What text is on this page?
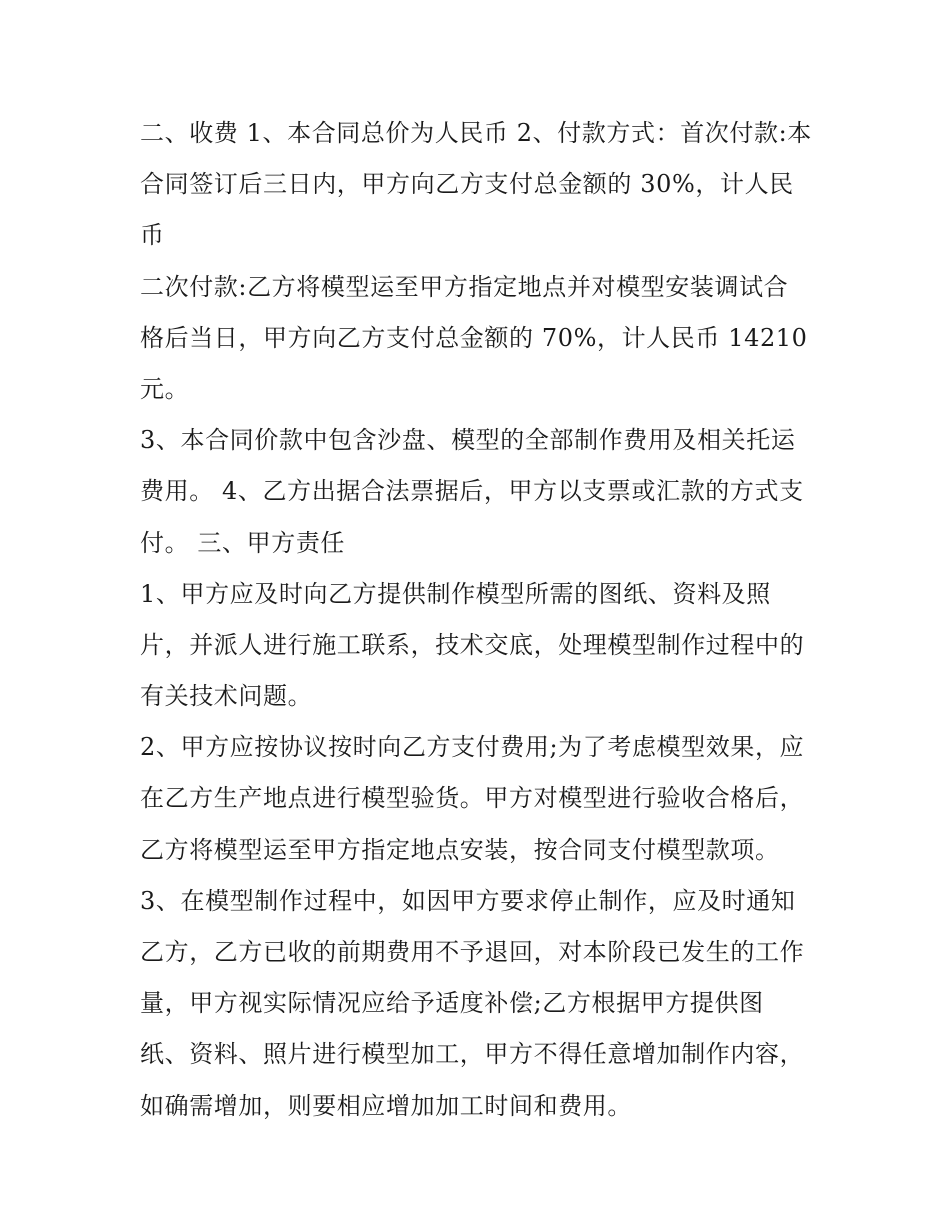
二、收费 1、本合同总价为人民币 2、付款方式：首次付款:本
合同签订后三日内，甲方向乙方支付总金额的 30%，计人民
币
二次付款:乙方将模型运至甲方指定地点并对模型安装调试合
格后当日，甲方向乙方支付总金额的 70%，计人民币 14210
元。
3、本合同价款中包含沙盘、模型的全部制作费用及相关托运
费用。 4、乙方出据合法票据后，甲方以支票或汇款的方式支
付。 三、甲方责任
1、甲方应及时向乙方提供制作模型所需的图纸、资料及照
片，并派人进行施工联系，技术交底，处理模型制作过程中的
有关技术问题。
2、甲方应按协议按时向乙方支付费用;为了考虑模型效果，应
在乙方生产地点进行模型验货。甲方对模型进行验收合格后，
乙方将模型运至甲方指定地点安装，按合同支付模型款项。
3、在模型制作过程中，如因甲方要求停止制作，应及时通知
乙方，乙方已收的前期费用不予退回，对本阶段已发生的工作
量，甲方视实际情况应给予适度补偿;乙方根据甲方提供图
纸、资料、照片进行模型加工，甲方不得任意增加制作内容，
如确需增加，则要相应增加加工时间和费用。
